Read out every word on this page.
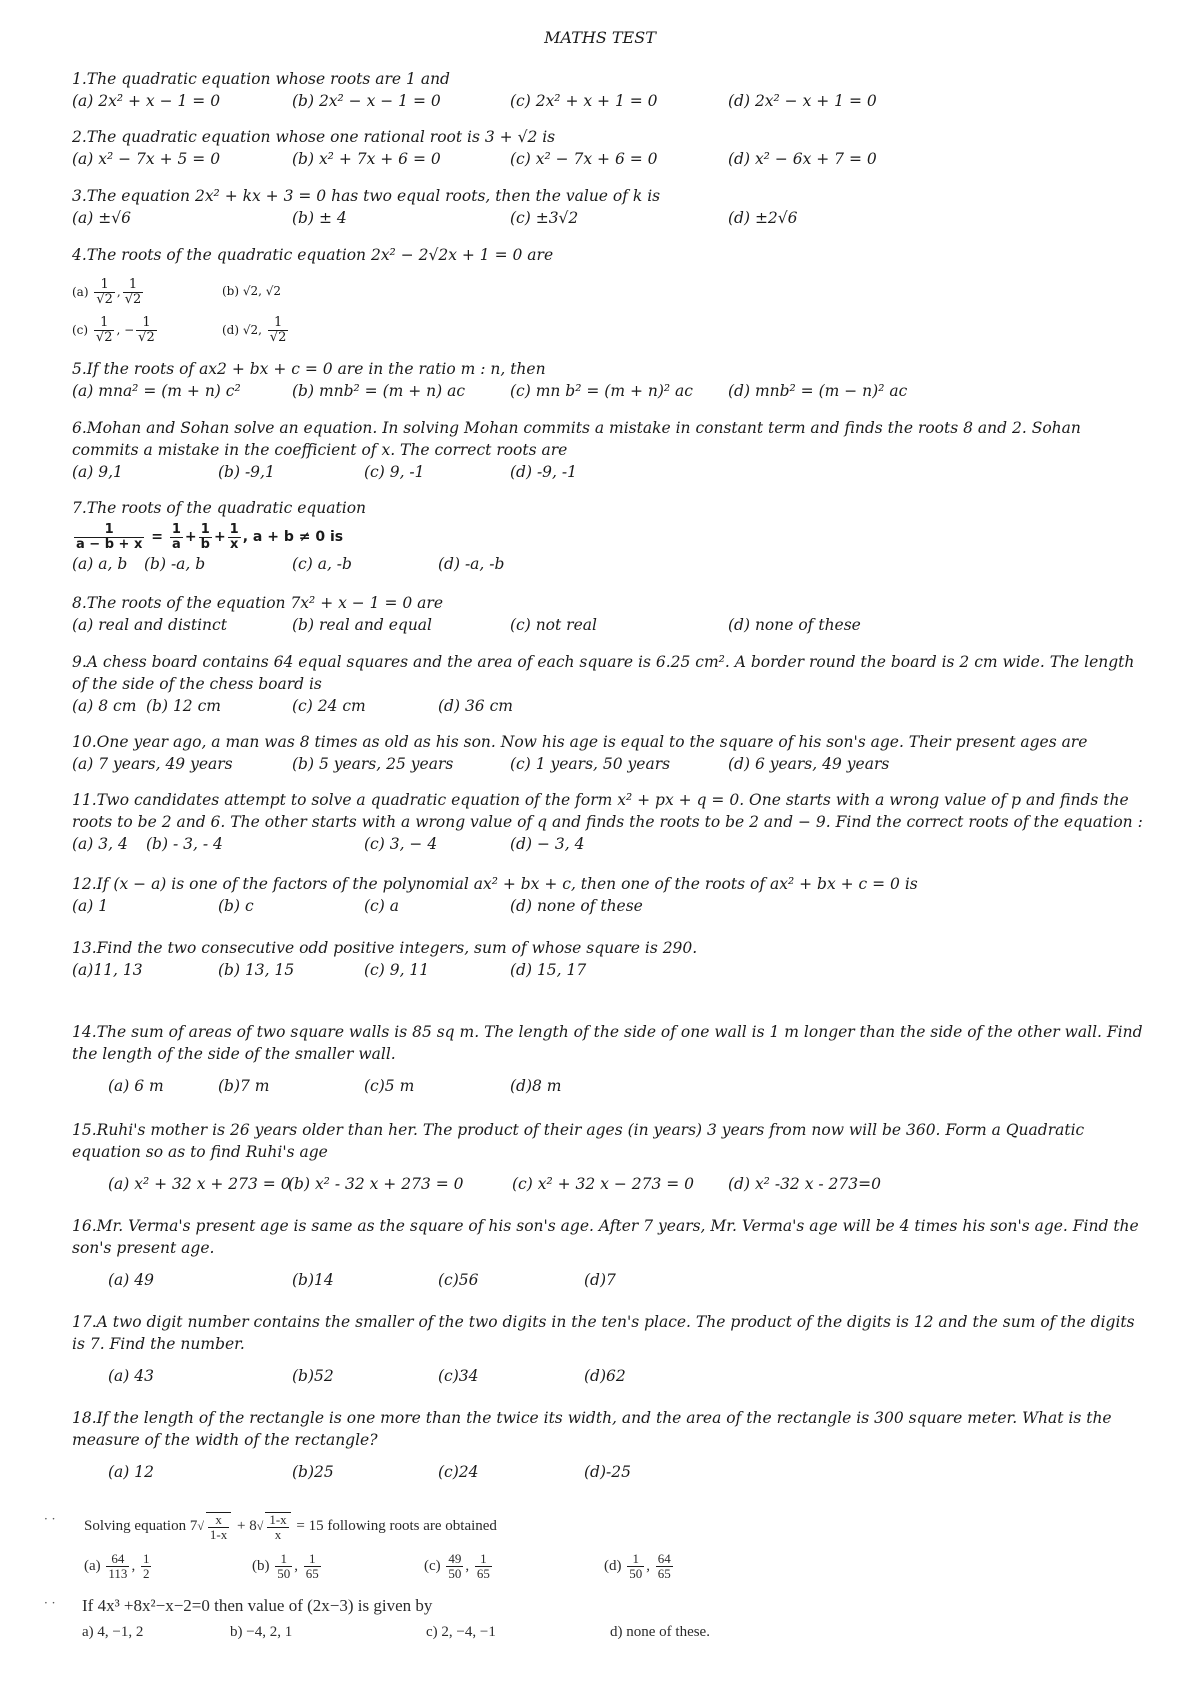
MATHS TEST
1.The quadratic equation whose roots are 1 and
(a) 2x² + x − 1 = 0	(b) 2x² − x − 1 = 0	(c) 2x² + x + 1 = 0	(d) 2x² − x + 1 = 0
2.The quadratic equation whose one rational root is 3 + √2 is
(a) x² − 7x + 5 = 0	(b) x² + 7x + 6 = 0	(c) x² − 7x + 6 = 0	(d) x² − 6x + 7 = 0
3.The equation 2x² + kx + 3 = 0 has two equal roots, then the value of k is
(a) ±√6	(b) ± 4	(c) ±3√2	(d) ±2√6
4.The roots of the quadratic equation 2x² − 2√2x + 1 = 0 are
$(a) \frac{1}{√2}$ , $\frac{1}{√2}$	(b) √2, √2
$(c) \frac{1}{√2}$ , − $\frac{1}{√2}$	(d) √2, $\frac{1}{√2}$
5.If the roots of ax2 + bx + c = 0 are in the ratio m : n, then
(a) mna² = (m + n) c²	(b) mnb² = (m + n) ac	(c) mn b² = (m + n)² ac (d) mnb² = (m − n)² ac
6.Mohan and Sohan solve an equation. In solving Mohan commits a mistake in constant term and finds the roots 8 and 2. Sohan commits a mistake in the coefficient of x. The correct roots are
(a) 9,1	(b) -9,1	(c) 9, -1	(d) -9, -1
7.The roots of the quadratic equation
$\frac{1}{a - b + x} = \frac{1}{a} + \frac{1}{b} + \frac{1}{x}$ , a + b ≠ 0 is
(a) a, b (b) -a, b	(c) a, -b	(d) -a, -b
8.The roots of the equation 7x² + x − 1 = 0 are
(a) real and distinct	(b) real and equal	(c) not real	(d) none of these
9.A chess board contains 64 equal squares and the area of each square is 6.25 cm². A border round the board is 2 cm wide. The length of the side of the chess board is
(a) 8 cm (b) 12 cm	(c) 24 cm	(d) 36 cm
10.One year ago, a man was 8 times as old as his son. Now his age is equal to the square of his son's age. Their present ages are
(a) 7 years, 49 years	(b) 5 years, 25 years	(c) 1 years, 50 years	(d) 6 years, 49 years
11.Two candidates attempt to solve a quadratic equation of the form x² + px + q = 0. One starts with a wrong value of p and finds the roots to be 2 and 6. The other starts with a wrong value of q and finds the roots to be 2 and − 9. Find the correct roots of the equation :
(a) 3, 4 (b) - 3, - 4	(c) 3, − 4	(d) − 3, 4
12.If (x − a) is one of the factors of the polynomial ax² + bx + c, then one of the roots of ax² + bx + c = 0 is
(a) 1	(b) c	(c) a	(d) none of these
13.Find the two consecutive odd positive integers, sum of whose square is 290.
(a)11, 13	(b) 13, 15	(c) 9, 11	(d) 15, 17
14.The sum of areas of two square walls is 85 sq m. The length of the side of one wall is 1 m longer than the side of the other wall. Find the length of the side of the smaller wall.
(a) 6 m	(b)7 m	(c)5 m	(d)8 m
15.Ruhi's mother is 26 years older than her. The product of their ages (in years) 3 years from now will be 360. Form a Quadratic equation so as to find Ruhi's age
(a) x² + 32 x + 273 = 0
(b) x² - 32 x + 273 = 0	(c) x² + 32 x − 273 = 0 (d) x² -32 x - 273=0
16.Mr. Verma's present age is same as the square of his son's age. After 7 years, Mr. Verma's age will be 4 times his son's age. Find the son's present age.
(a) 49	(b)14	(c)56	(d)7
17.A two digit number contains the smaller of the two digits in the ten's place. The product of the digits is 12 and the sum of the digits is 7. Find the number.
(a) 43	(b)52	(c)34	(d)62
18.If the length of the rectangle is one more than the twice its width, and the area of the rectangle is 300 square meter. What is the measure of the width of the rectangle?
(a) 12	(b)25	(c)24	(d)-25
· ·	Solving equation $7√ \frac{x}{1-x} + 8√ \frac{1-x}{x} = 15$ following roots are obtained
$(a) \frac{64}{113}$ , $\frac{1}{2}$	$(b) \frac{1}{50}$ , $\frac{1}{65}$	$(c) \frac{49}{50}$ , $\frac{1}{65}$	$(d) \frac{1}{50}$ , $\frac{64}{65}$
· ·	If 4x³ +8x²−x−2=0 then value of (2x−3) is given by
a) 4, −1, 2	b) −4, 2, 1	c) 2, −4, −1	d) none of these.
